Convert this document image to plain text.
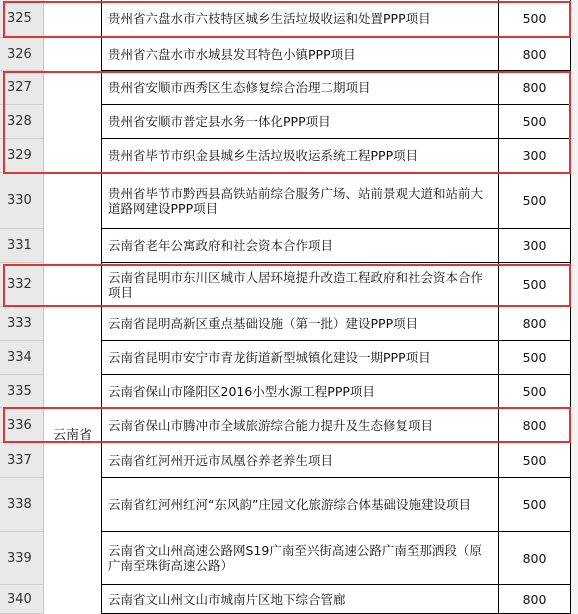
325	贵州省六盘水市六枝特区城乡生活垃圾收运和处置PPP项目	500
326	贵州省六盘水市水城县发耳特色小镇PPP项目	800
327	贵州省安顺市西秀区生态修复综合治理二期项目	800
328	贵州省安顺市普定县水务一体化PPP项目	500
329	贵州省毕节市织金县城乡生活垃圾收运系统工程PPP项目	300
330	贵州省毕节市黔西县高铁站前综合服务广场、站前景观大道和站前大道路网建设PPP项目	500
331	云南省老年公寓政府和社会资本合作项目	300
332	云南省昆明市东川区城市人居环境提升改造工程政府和社会资本合作项目	500
333	云南省昆明高新区重点基础设施（第一批）建设PPP项目	800
334	云南省昆明市安宁市青龙街道新型城镇化建设一期PPP项目	500
335	云南省保山市隆阳区2016小型水源工程PPP项目	500
336	云南省保山市腾冲市全域旅游综合能力提升及生态修复项目	800
337	云南省红河州开远市凤凰谷养老养生项目	500
338	云南省红河州红河“东风韵”庄园文化旅游综合体基础设施建设项目	500
339	云南省文山州高速公路网S19广南至兴街高速公路广南至那洒段（原广南至珠街高速公路）	800
340	云南省文山州文山市城南片区地下综合管廊	800
云南省
